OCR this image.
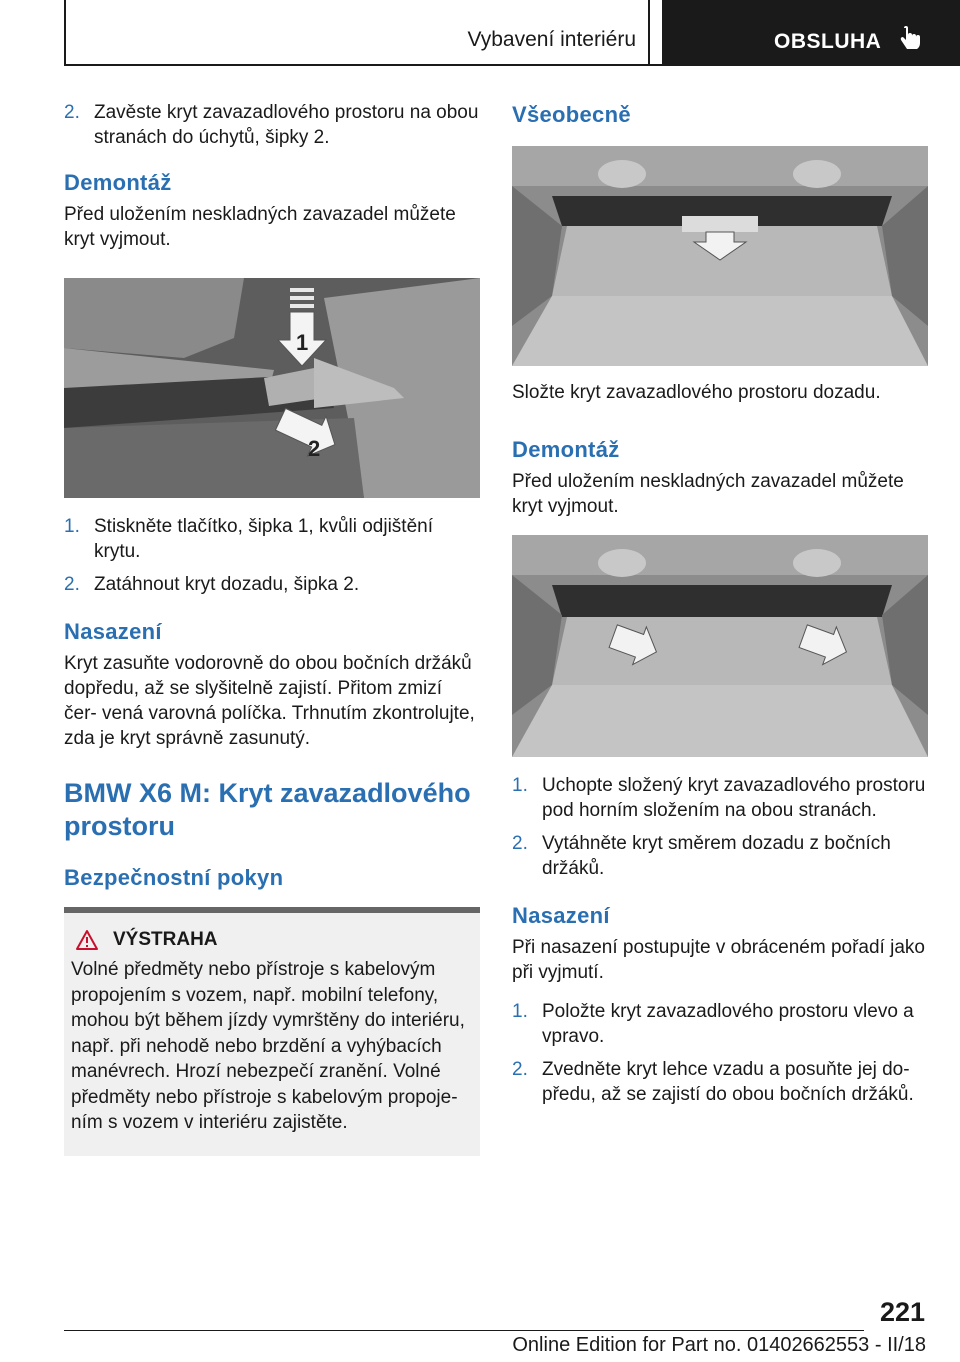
Vybavení interiéru	OBSLUHA
2. Zavěste kryt zavazadlového prostoru na obou stranách do úchytů, šipky 2.
Demontáž

Před uložením neskladných zavazadel můžete kryt vyjmout.

1
2
1. Stiskněte tlačítko, šipka 1, kvůli odjištění krytu.
2. Zatáhnout kryt dozadu, šipka 2.
Nasazení

Kryt zasuňte vodorovně do obou bočních držáků dopředu, až se slyšitelně zajistí. Přitom zmizí čer- vená varovná políčka. Trhnutím zkontrolujte, zda je kryt správně zasunutý.

BMW X6 M: Kryt zavazadlového prostoru
Bezpečnostní pokyn
VÝSTRAHA

Volné předměty nebo přístroje s kabelovým propojením s vozem, např. mobilní telefony, mohou být během jízdy vymrštěny do interiéru, např. při nehodě nebo brzdění a vyhýbacích manévrech. Hrozí nebezpečí zranění. Volné předměty nebo přístroje s kabelovým propoje- ním s vozem v interiéru zajistěte.

Všeobecně

Složte kryt zavazadlového prostoru dozadu.

Demontáž

Před uložením neskladných zavazadel můžete kryt vyjmout.

1. Uchopte složený kryt zavazadlového prostoru pod horním složením na obou stranách.
2. Vytáhněte kryt směrem dozadu z bočních držáků.
Nasazení

Při nasazení postupujte v obráceném pořadí jako při vyjmutí.

1. Položte kryt zavazadlového prostoru vlevo a vpravo.
2. Zvedněte kryt lehce vzadu a posuňte jej do- předu, až se zajistí do obou bočních držáků.
221
Online Edition for Part no. 01402662553 - II/18
